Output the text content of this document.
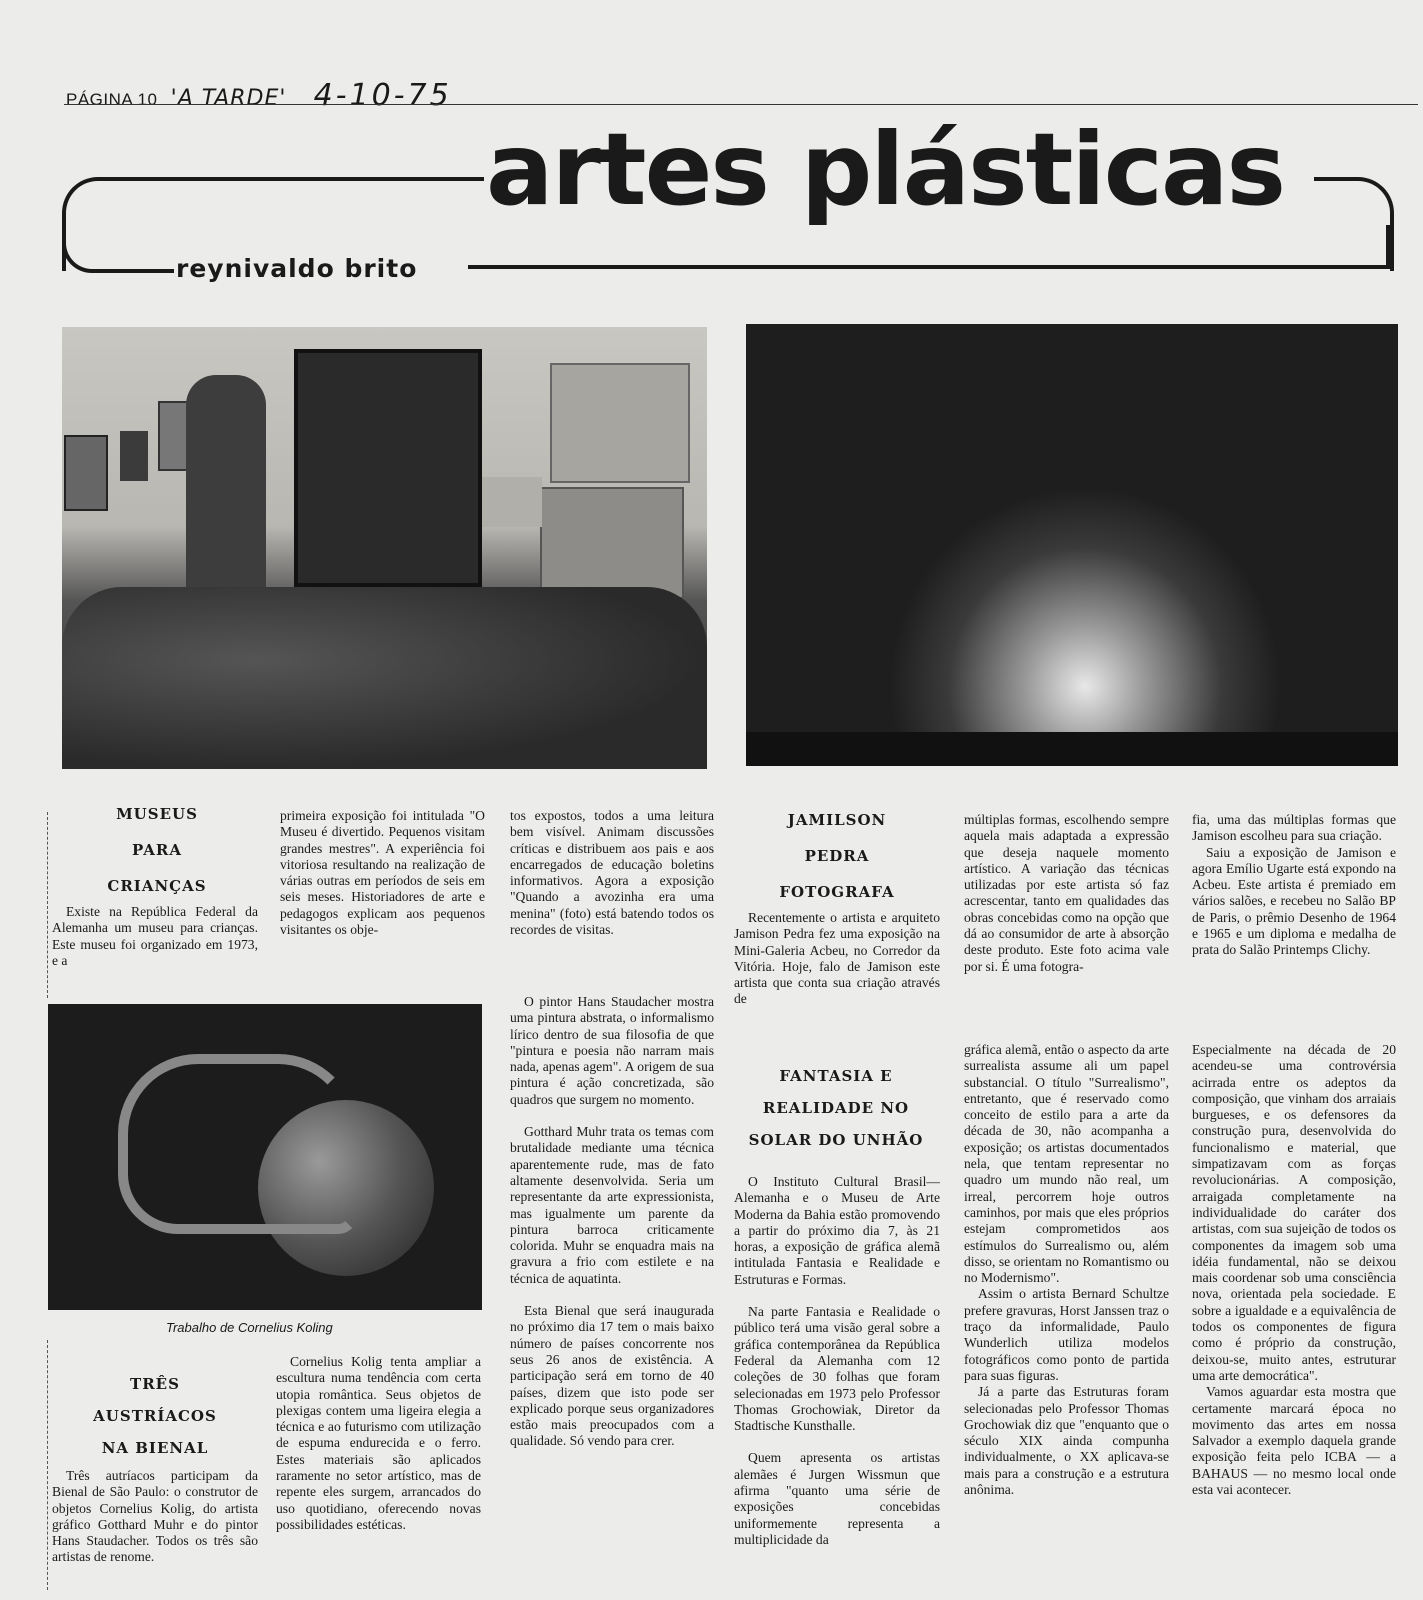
PÁGINA 10 'A TARDE' 4-10-75
artes plásticas
reynivaldo brito
Trabalho de Cornelius Koling
MUSEUS
PARA
CRIANÇAS

Existe na República Federal da Alemanha um museu para crianças. Este museu foi organizado em 1973, e a

primeira exposição foi intitulada "O Museu é divertido. Pequenos visitam grandes mestres". A experiência foi vitoriosa resultando na realização de várias outras em períodos de seis em seis meses. Historiadores de arte e pedagogos explicam aos pequenos visitantes os obje-

tos expostos, todos a uma leitura bem visível. Animam discussões críticas e distribuem aos pais e aos encarregados de educação boletins informativos. Agora a exposição "Quando a avozinha era uma menina" (foto) está batendo todos os recordes de visitas.

TRÊS
AUSTRÍACOS
NA BIENAL

Três autríacos participam da Bienal de São Paulo: o construtor de objetos Cornelius Kolig, do artista gráfico Gotthard Muhr e do pintor Hans Staudacher. Todos os três são artistas de renome.

Cornelius Kolig tenta ampliar a escultura numa tendência com certa utopia romântica. Seus objetos de plexigas contem uma ligeira elegia a técnica e ao futurismo com utilização de espuma endurecida e o ferro. Estes materiais são aplicados raramente no setor artístico, mas de repente eles surgem, arrancados do uso quotidiano, oferecendo novas possibilidades estéticas.

O pintor Hans Staudacher mostra uma pintura abstrata, o informalismo lírico dentro de sua filosofia de que "pintura e poesia não narram mais nada, apenas agem". A origem de sua pintura é ação concretizada, são quadros que surgem no momento.

Gotthard Muhr trata os temas com brutalidade mediante uma técnica aparentemente rude, mas de fato altamente desenvolvida. Seria um representante da arte expressionista, mas igualmente um parente da pintura barroca criticamente colorida. Muhr se enquadra mais na gravura a frio com estilete e na técnica de aquatinta.

Esta Bienal que será inaugurada no próximo dia 17 tem o mais baixo número de países concorrente nos seus 26 anos de existência. A participação será em torno de 40 países, dizem que isto pode ser explicado porque seus organizadores estão mais preocupados com a qualidade. Só vendo para crer.

JAMILSON
PEDRA
FOTOGRAFA

Recentemente o artista e arquiteto Jamison Pedra fez uma exposição na Mini-Galeria Acbeu, no Corredor da Vitória. Hoje, falo de Jamison este artista que conta sua criação através de

múltiplas formas, escolhendo sempre aquela mais adaptada a expressão que deseja naquele momento artístico. A variação das técnicas utilizadas por este artista só faz acrescentar, tanto em qualidades das obras concebidas como na opção que dá ao consumidor de arte à absorção deste produto. Este foto acima vale por si. É uma fotogra-

fia, uma das múltiplas formas que Jamison escolheu para sua criação.

Saiu a exposição de Jamison e agora Emílio Ugarte está expondo na Acbeu. Este artista é premiado em vários salões, e recebeu no Salão BP de Paris, o prêmio Desenho de 1964 e 1965 e um diploma e medalha de prata do Salão Printemps Clichy.

FANTASIA E
REALIDADE NO
SOLAR DO UNHÃO

O Instituto Cultural Brasil—Alemanha e o Museu de Arte Moderna da Bahia estão promovendo a partir do próximo dia 7, às 21 horas, a exposição de gráfica alemã intitulada Fantasia e Realidade e Estruturas e Formas.

Na parte Fantasia e Realidade o público terá uma visão geral sobre a gráfica contemporânea da República Federal da Alemanha com 12 coleções de 30 folhas que foram selecionadas em 1973 pelo Professor Thomas Grochowiak, Diretor da Stadtische Kunsthalle.

Quem apresenta os artistas alemães é Jurgen Wissmun que afirma "quanto uma série de exposições concebidas uniformemente representa a multiplicidade da

gráfica alemã, então o aspecto da arte surrealista assume ali um papel substancial. O título "Surrealismo", entretanto, que é reservado como conceito de estilo para a arte da década de 30, não acompanha a exposição; os artistas documentados nela, que tentam representar no quadro um mundo não real, um irreal, percorrem hoje outros caminhos, por mais que eles próprios estejam comprometidos aos estímulos do Surrealismo ou, além disso, se orientam no Romantismo ou no Modernismo".

Assim o artista Bernard Schultze prefere gravuras, Horst Janssen traz o traço da informalidade, Paulo Wunderlich utiliza modelos fotográficos como ponto de partida para suas figuras.

Já a parte das Estruturas foram selecionadas pelo Professor Thomas Grochowiak diz que "enquanto que o século XIX ainda compunha individualmente, o XX aplicava-se mais para a construção e a estrutura anônima.

Especialmente na década de 20 acendeu-se uma controvérsia acirrada entre os adeptos da composição, que vinham dos arraiais burgueses, e os defensores da construção pura, desenvolvida do funcionalismo e material, que simpatizavam com as forças revolucionárias. A composição, arraigada completamente na individualidade do caráter dos artistas, com sua sujeição de todos os componentes da imagem sob uma idéia fundamental, não se deixou mais coordenar sob uma consciência nova, orientada pela sociedade. E sobre a igualdade e a equivalência de todos os componentes de figura como é próprio da construção, deixou-se, muito antes, estruturar uma arte democrática".

Vamos aguardar esta mostra que certamente marcará época no movimento das artes em nossa Salvador a exemplo daquela grande exposição feita pelo ICBA — a BAHAUS — no mesmo local onde esta vai acontecer.
